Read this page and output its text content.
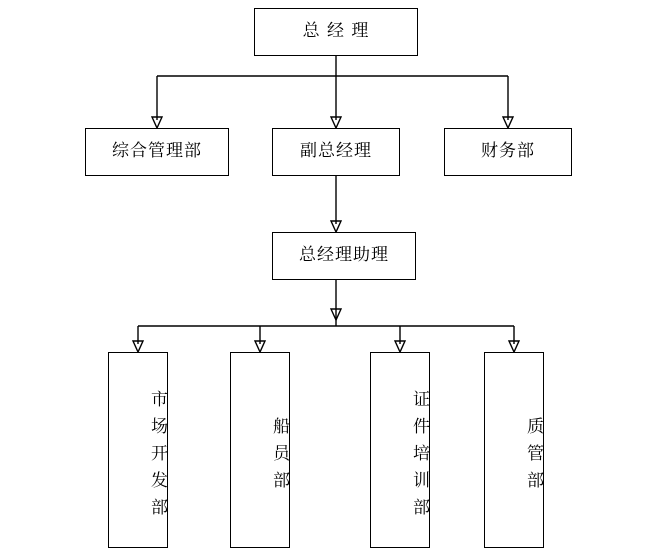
总 经 理
综合管理部	副总经理	财务部
总经理助理
市场开发部	船员部	证件培训部	质管部
